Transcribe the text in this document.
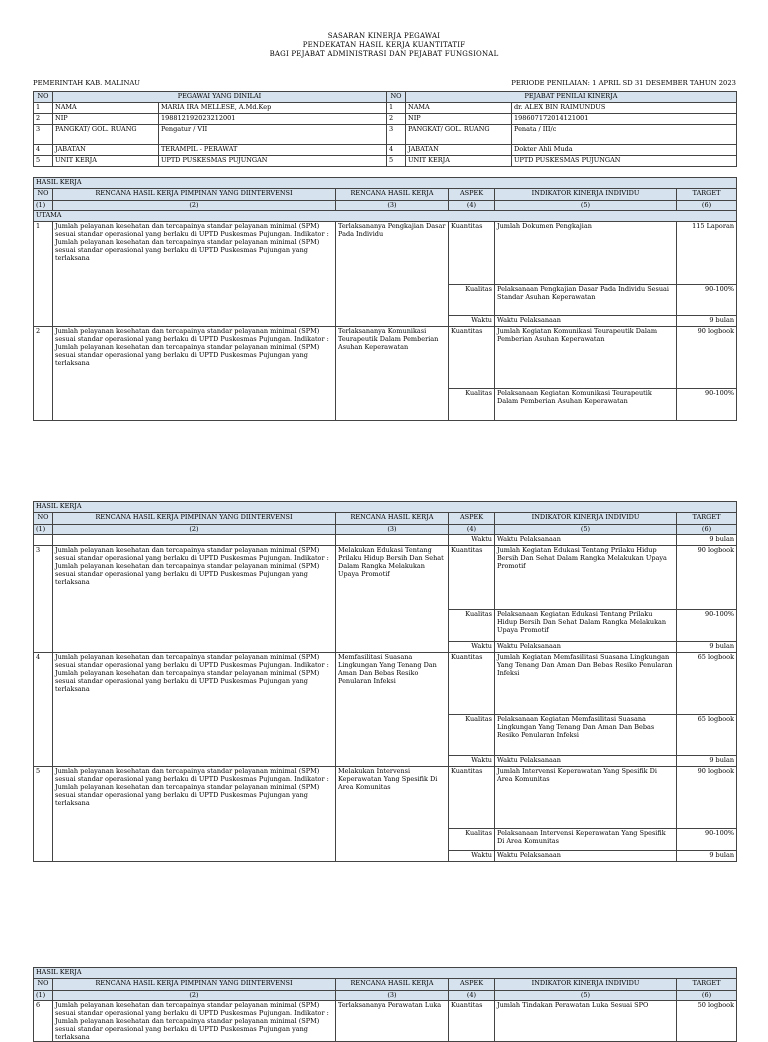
SASARAN KINERJA PEGAWAI
PENDEKATAN HASIL KERJA KUANTITATIF
BAGI PEJABAT ADMINISTRASI DAN PEJABAT FUNGSIONAL
PEMERINTAH KAB. MALINAU	PERIODE PENILAIAN: 1 APRIL SD 31 DESEMBER TAHUN 2023
NO	PEGAWAI YANG DINILAI		NO	PEJABAT PENILAI KINERJA	
1	NAMA	MARIA IRA MELLESE, A.Md.Kep	1	NAMA	dr. ALEX BIN RAIMUNDUS
2	NIP	198812192023212001	2	NIP	198607172014121001
3	PANGKAT/ GOL. RUANG	Pengatur / VII	3	PANGKAT/ GOL. RUANG	Penata / III/c
4	JABATAN	TERAMPIL - PERAWAT	4	JABATAN	Dokter Ahli Muda
5	UNIT KERJA	UPTD PUSKESMAS PUJUNGAN	5	UNIT KERJA	UPTD PUSKESMAS PUJUNGAN
HASIL KERJA					
NO	RENCANA HASIL KERJA PIMPINAN YANG DIINTERVENSI	RENCANA HASIL KERJA	ASPEK	INDIKATOR KINERJA INDIVIDU	TARGET
(1)	(2)	(3)	(4)	(5)	(6)
UTAMA					
1	Jumlah pelayanan kesehatan dan tercapainya standar pelayanan minimal (SPM) sesuai standar operasional yang berlaku di UPTD Puskesmas Pujungan. Indikator : Jumlah pelayanan kesehatan dan tercapainya standar pelayanan minimal (SPM) sesuai standar operasional yang berlaku di UPTD Puskesmas Pujungan yang terlaksana	Terlaksananya Pengkajian Dasar Pada Individu	Kuantitas	Jumlah Dokumen Pengkajian	115 Laporan
			Kualitas	Pelaksanaan Pengkajian Dasar Pada Individu Sesuai Standar Asuhan Keperawatan	90-100%
			Waktu	Waktu Pelaksanaan	9 bulan
2	Jumlah pelayanan kesehatan dan tercapainya standar pelayanan minimal (SPM) sesuai standar operasional yang berlaku di UPTD Puskesmas Pujungan. Indikator : Jumlah pelayanan kesehatan dan tercapainya standar pelayanan minimal (SPM) sesuai standar operasional yang berlaku di UPTD Puskesmas Pujungan yang terlaksana	Terlaksananya Komunikasi Teurapeutik Dalam Pemberian Asuhan Keperawatan	Kuantitas	Jumlah Kegiatan Komunikasi Teurapeutik Dalam Pemberian Asuhan Keperawatan	90 logbook
			Kualitas	Pelaksanaan Kegiatan Komunikasi Teurapeutik Dalam Pemberian Asuhan Keperawatan	90-100%
HASIL KERJA					
NO	RENCANA HASIL KERJA PIMPINAN YANG DIINTERVENSI	RENCANA HASIL KERJA	ASPEK	INDIKATOR KINERJA INDIVIDU	TARGET
(1)	(2)	(3)	(4)	(5)	(6)
			Waktu	Waktu Pelaksanaan	9 bulan
3	Jumlah pelayanan kesehatan dan tercapainya standar pelayanan minimal (SPM) sesuai standar operasional yang berlaku di UPTD Puskesmas Pujungan. Indikator : Jumlah pelayanan kesehatan dan tercapainya standar pelayanan minimal (SPM) sesuai standar operasional yang berlaku di UPTD Puskesmas Pujungan yang terlaksana	Melakukan Edukasi Tentang Prilaku Hidup Bersih Dan Sehat Dalam Rangka Melakukan Upaya Promotif	Kuantitas	Jumlah Kegiatan Edukasi Tentang Prilaku Hidup Bersih Dan Sehat Dalam Rangka Melakukan Upaya Promotif	90 logbook
			Kualitas	Pelaksanaan Kegiatan Edukasi Tentang Prilaku Hidup Bersih Dan Sehat Dalam Rangka Melakukan Upaya Promotif	90-100%
			Waktu	Waktu Pelaksanaan	9 bulan
4	Jumlah pelayanan kesehatan dan tercapainya standar pelayanan minimal (SPM) sesuai standar operasional yang berlaku di UPTD Puskesmas Pujungan. Indikator : Jumlah pelayanan kesehatan dan tercapainya standar pelayanan minimal (SPM) sesuai standar operasional yang berlaku di UPTD Puskesmas Pujungan yang terlaksana	Memfasilitasi Suasana Lingkungan Yang Tenang Dan Aman Dan Bebas Resiko Penularan Infeksi	Kuantitas	Jumlah Kegiatan Memfasilitasi Suasana Lingkungan Yang Tenang Dan Aman Dan Bebas Resiko Penularan Infeksi	65 logbook
			Kualitas	Pelaksanaan Kegiatan Memfasilitasi Suasana Lingkungan Yang Tenang Dan Aman Dan Bebas Resiko Penularan Infeksi	65 logbook
			Waktu	Waktu Pelaksanaan	9 bulan
5	Jumlah pelayanan kesehatan dan tercapainya standar pelayanan minimal (SPM) sesuai standar operasional yang berlaku di UPTD Puskesmas Pujungan. Indikator : Jumlah pelayanan kesehatan dan tercapainya standar pelayanan minimal (SPM) sesuai standar operasional yang berlaku di UPTD Puskesmas Pujungan yang terlaksana	Melakukan Intervensi Keperawatan Yang Spesifik Di Area Komunitas	Kuantitas	Jumlah Intervensi Keperawatan Yang Spesifik Di Area Komunitas	90 logbook
			Kualitas	Pelaksanaan Intervensi Keperawatan Yang Spesifik Di Area Komunitas	90-100%
			Waktu	Waktu Pelaksanaan	9 bulan
HASIL KERJA					
NO	RENCANA HASIL KERJA PIMPINAN YANG DIINTERVENSI	RENCANA HASIL KERJA	ASPEK	INDIKATOR KINERJA INDIVIDU	TARGET
(1)	(2)	(3)	(4)	(5)	(6)
6	Jumlah pelayanan kesehatan dan tercapainya standar pelayanan minimal (SPM) sesuai standar operasional yang berlaku di UPTD Puskesmas Pujungan. Indikator : Jumlah pelayanan kesehatan dan tercapainya standar pelayanan minimal (SPM) sesuai standar operasional yang berlaku di UPTD Puskesmas Pujungan yang terlaksana	Terlaksananya Perawatan Luka	Kuantitas	Jumlah Tindakan Perawatan Luka Sesuai SPO	50 logbook
